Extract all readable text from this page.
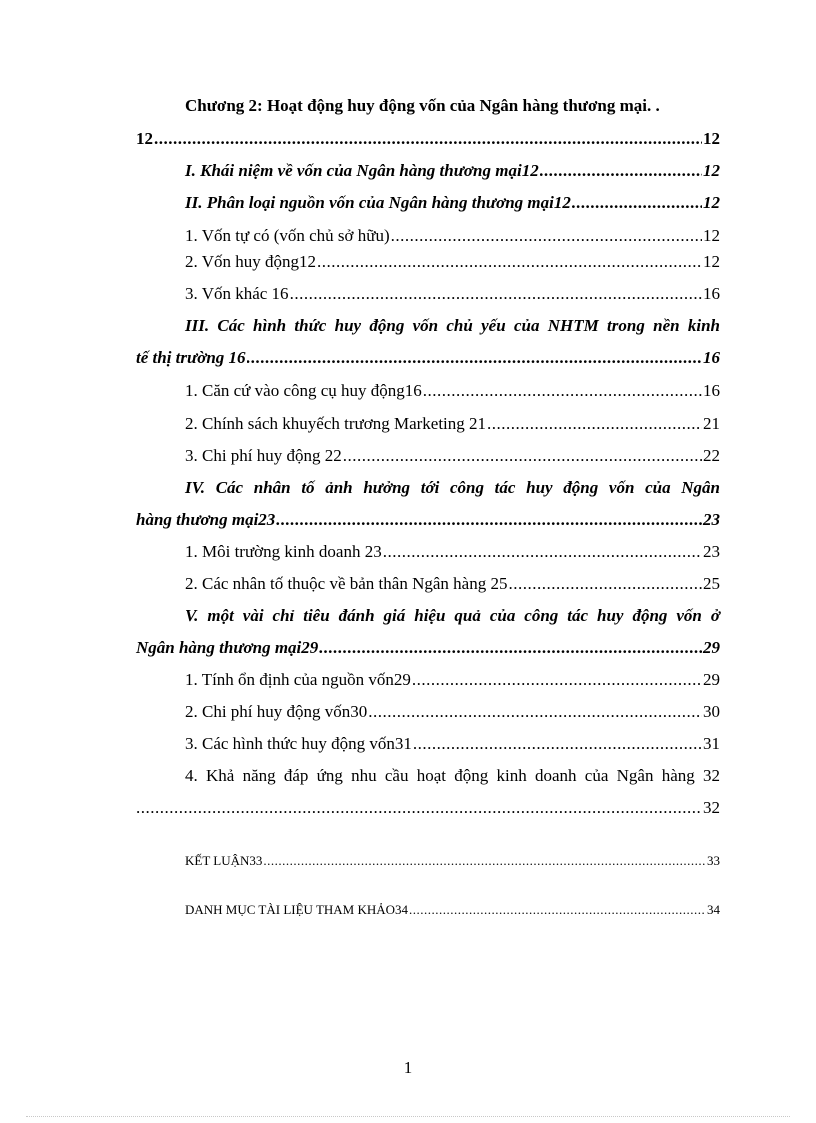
Chương 2: Hoạt động huy động vốn của Ngân hàng thương mại. .
12 .....	12
I. Khái niệm về vốn của Ngân hàng thương mại12 .....	12
II. Phân loại nguồn vốn của Ngân hàng thương mại12 .....	12
1. Vốn tự có (vốn chủ sở hữu) .....	12
2. Vốn huy động12 .....	12
3. Vốn khác 16 .....	16
III. Các hình thức huy động vốn chủ yếu của NHTM trong nền kinh
tế thị trường 16 .....	16
1. Căn cứ vào công cụ huy động16 .....	16
2. Chính sách khuyếch trương Marketing 21 .....	21
3. Chi phí huy động 22 .....	22
IV. Các nhân tố ảnh hưởng tới công tác huy động vốn của Ngân
hàng thương mại23 .....	23
1. Môi trường kinh doanh 23 .....	23
2. Các nhân tố thuộc về bản thân Ngân hàng 25 .....	25
V. một vài chỉ tiêu đánh giá hiệu quả của công tác huy động vốn ở
Ngân hàng thương mại29 .....	29
1. Tính ổn định của nguồn vốn29 .....	29
2. Chi phí huy động vốn30 .....	30
3. Các hình thức huy động vốn31 .....	31
4. Khả năng đáp ứng nhu cầu hoạt động kinh doanh của Ngân hàng 32
.....
32
KẾT LUẬN33 .....	33
DANH MỤC TÀI LIỆU THAM KHẢO34 .....	34
1
